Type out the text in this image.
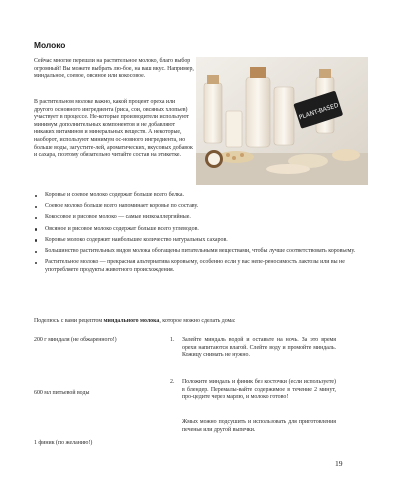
Молоко

Сейчас многие перешли на растительное молоко, благо выбор огромный! Вы можете выбрать лю-бое, на ваш вкус. Например, миндальное, соевое, овсяное или кокосовое.

В растительном молоке важно, какой процент ореха или другого основного ингредиента (риса, сои, овсяных хлопьев) участвует в процессе. Не-которые производители используют минимум дополнительных компонентов и не добавляют никаких витаминов и минеральных веществ. А некоторые, наоборот, используют минимум ос-новного ингредиента, но больше воды, загустите-лей, ароматических, вкусовых добавок и сахара, поэтому обязательно читайте состав на этикетке.

PLANT-BASED
Коровье и соевое молоко содержат больше всего белка.
Соевое молоко больше всего напоминает коровье по составу.
Кокосовое и рисовое молоко — самые низкоаллергийные.
Овсяное и рисовое молоко содержат больше всего углеводов.
Коровье молоко содержит наибольшее количество натуральных сахаров.
Большинство растительных видов молока обогащены питательными веществами, чтобы лучше соответствовать коровьему.
Растительное молоко — прекрасная альтернатива коровьему, особенно если у вас непе-реносимость лактозы или вы не употребляете продукты животного происхождения.

Поделюсь с вами рецептом миндального молока, которое можно сделать дома:

200 г миндаля (не обжаренного!)

600 мл питьевой воды

1 финик (по желанию!)

1. Залейте миндаль водой и оставьте на ночь. За это время орехи напитаются влагой. Слейте воду и промойте миндаль. Кожицу снимать не нужно.
2. Положите миндаль и финик без косточки (если используете) в блендер. Перемалы-вайте содержимое в течение 2 минут, про-цедите через марлю, и молоко готово!
Жмых можно подсушить и использовать для приготовления печенья или другой выпечки.
19
